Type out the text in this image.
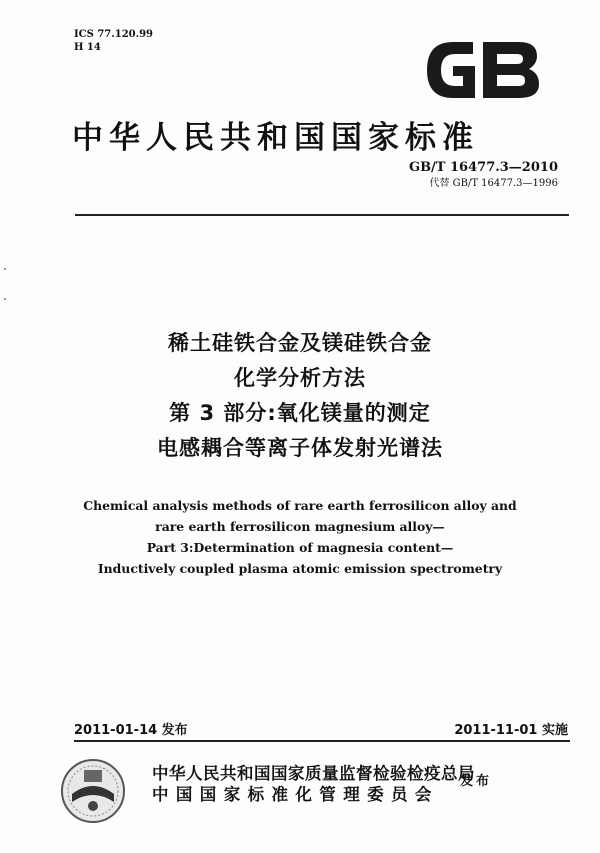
ICS 77.120.99
H 14
中华人民共和国国家标准
GB/T 16477.3—2010
代替 GB/T 16477.3—1996
稀土硅铁合金及镁硅铁合金
化学分析方法
第 3 部分:氧化镁量的测定
电感耦合等离子体发射光谱法
Chemical analysis methods of rare earth ferrosilicon alloy and
rare earth ferrosilicon magnesium alloy—
Part 3:Determination of magnesia content—
Inductively coupled plasma atomic emission spectrometry
2011-01-14 发布	2011-11-01 实施
中华人民共和国国家质量监督检验检疫总局
中国国家标准化管理委员会
发布
